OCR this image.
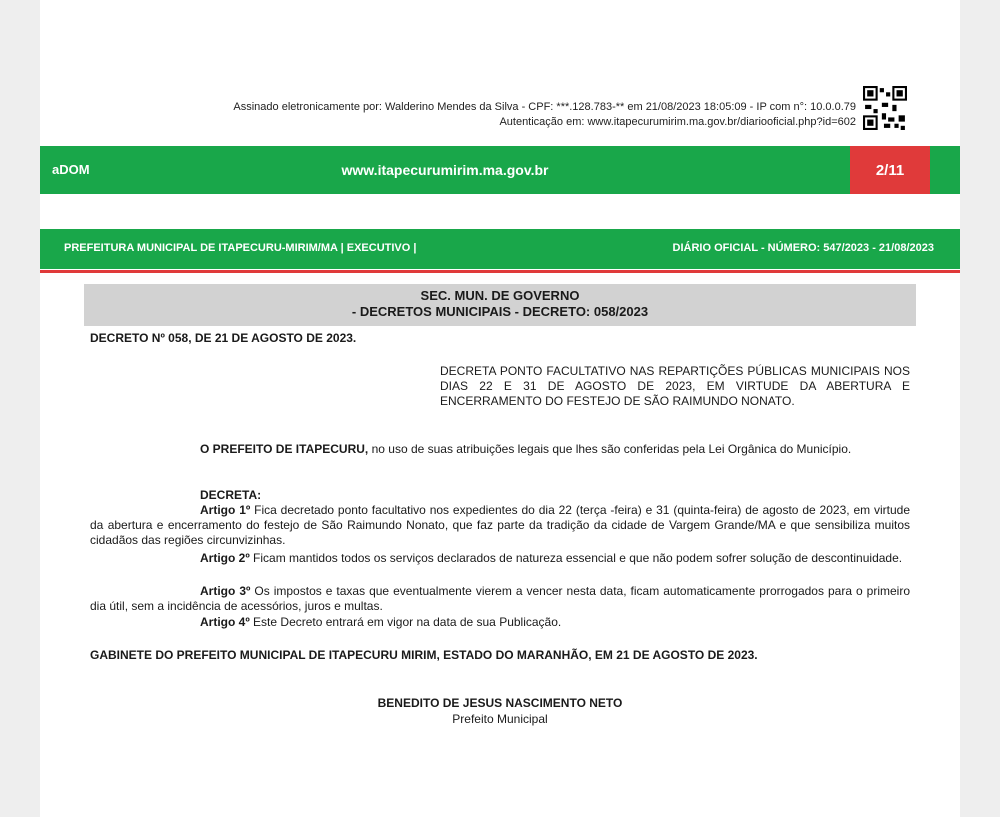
Assinado eletronicamente por: Walderino Mendes da Silva - CPF: ***.128.783-** em 21/08/2023 18:05:09 - IP com n°: 10.0.0.79
Autenticação em: www.itapecurumirim.ma.gov.br/diariooficial.php?id=602
aDOM	www.itapecurumirim.ma.gov.br	2/11
PREFEITURA MUNICIPAL DE ITAPECURU-MIRIM/MA | EXECUTIVO |	DIÁRIO OFICIAL - NÚMERO: 547/2023 - 21/08/2023
SEC. MUN. DE GOVERNO
- DECRETOS MUNICIPAIS - DECRETO: 058/2023
DECRETO Nº 058, DE 21 DE AGOSTO DE 2023.
DECRETA PONTO FACULTATIVO NAS REPARTIÇÕES PÚBLICAS MUNICIPAIS NOS DIAS 22 E 31 DE AGOSTO DE 2023, EM VIRTUDE DA ABERTURA E ENCERRAMENTO DO FESTEJO DE SÃO RAIMUNDO NONATO.
O PREFEITO DE ITAPECURU, no uso de suas atribuições legais que lhes são conferidas pela Lei Orgânica do Município.
DECRETA:
Artigo 1º Fica decretado ponto facultativo nos expedientes do dia 22 (terça -feira) e 31 (quinta-feira) de agosto de 2023, em virtude da abertura e encerramento do festejo de São Raimundo Nonato, que faz parte da tradição da cidade de Vargem Grande/MA e que sensibiliza muitos cidadãos das regiões circunvizinhas.
Artigo 2º Ficam mantidos todos os serviços declarados de natureza essencial e que não podem sofrer solução de descontinuidade.
Artigo 3º Os impostos e taxas que eventualmente vierem a vencer nesta data, ficam automaticamente prorrogados para o primeiro dia útil, sem a incidência de acessórios, juros e multas.
Artigo 4º Este Decreto entrará em vigor na data de sua Publicação.
GABINETE DO PREFEITO MUNICIPAL DE ITAPECURU MIRIM, ESTADO DO MARANHÃO, EM 21 DE AGOSTO DE 2023.
BENEDITO DE JESUS NASCIMENTO NETO
Prefeito Municipal
